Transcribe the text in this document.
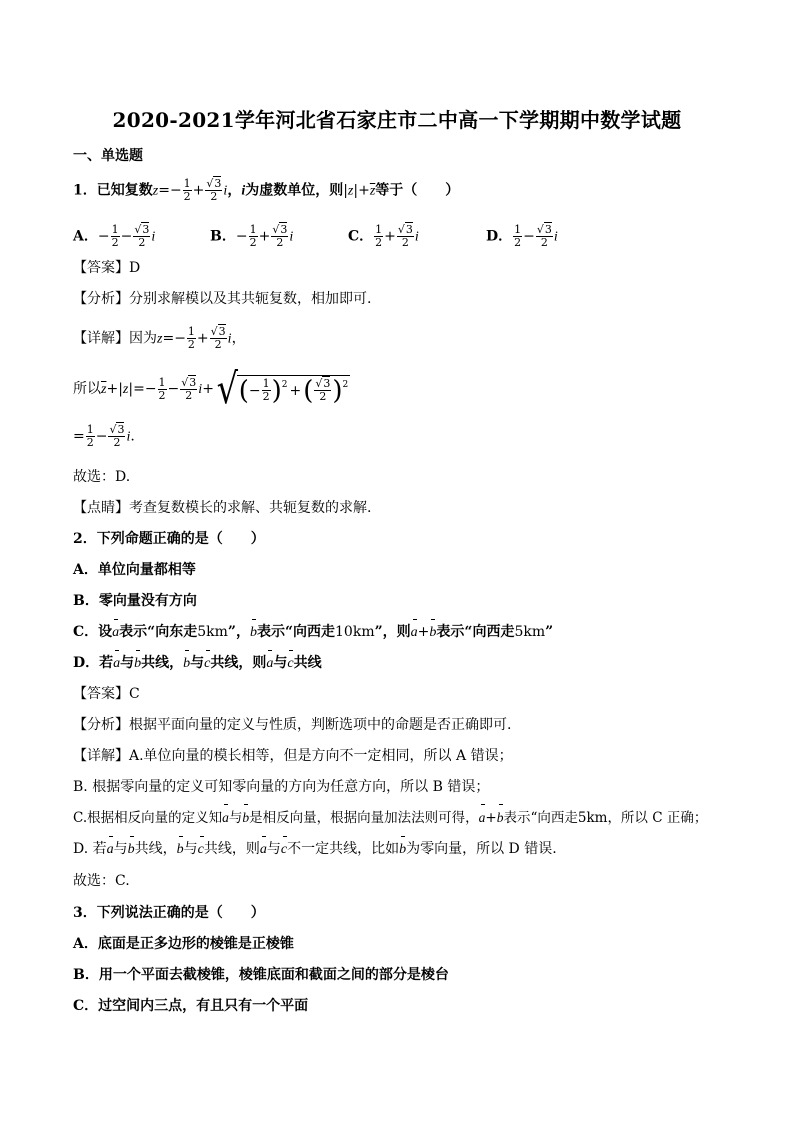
2020-2021学年河北省石家庄市二中高一下学期期中数学试题
一、单选题
1．已知复数$z=- \frac{1}{2} + \frac{√3}{2}$ i，i为虚数单位，则$|z|+\overline{z}$等于（　　）
A．− $\frac{1}{2} - \frac{√3}{2}$ i	B．− $\frac{1}{2} + \frac{√3}{2}$ i	C． $\frac{1}{2} + \frac{√3}{2}$ i	D． $\frac{1}{2} - \frac{√3}{2}$ i
【答案】D
【分析】分别求解模以及其共轭复数，相加即可.
【详解】因为$z=- \frac{1}{2} + \frac{√3}{2}$ i，
所以$\overline{z}+|z|=- \frac{1}{2} - \frac{√3}{2} i+$ √ ( − $\frac{1}{2}$ ) 2 + ( $\frac{√3}{2}$ ) 2
= $\frac{1}{2} - \frac{√3}{2} i$.
故选：D.
【点睛】考查复数模长的求解、共轭复数的求解.
2．下列命题正确的是（　　）
A．单位向量都相等
B．零向量没有方向
C．设a表示“向东走5km”，b表示“向西走10km”，则a+b表示“向西走5km”
D．若a与b共线，b与c共线，则a与c共线
【答案】C
【分析】根据平面向量的定义与性质，判断选项中的命题是否正确即可.
【详解】A.单位向量的模长相等，但是方向不一定相同，所以 A 错误；
B. 根据零向量的定义可知零向量的方向为任意方向，所以 B 错误；
C.根据相反向量的定义知a与b是相反向量，根据向量加法法则可得，a+b表示“向西走5km，所以 C 正确；
D. 若a与b共线，b与c共线，则a与c不一定共线，比如b为零向量，所以 D 错误.
故选：C.
3．下列说法正确的是（　　）
A．底面是正多边形的棱锥是正棱锥
B．用一个平面去截棱锥，棱锥底面和截面之间的部分是棱台
C．过空间内三点，有且只有一个平面
